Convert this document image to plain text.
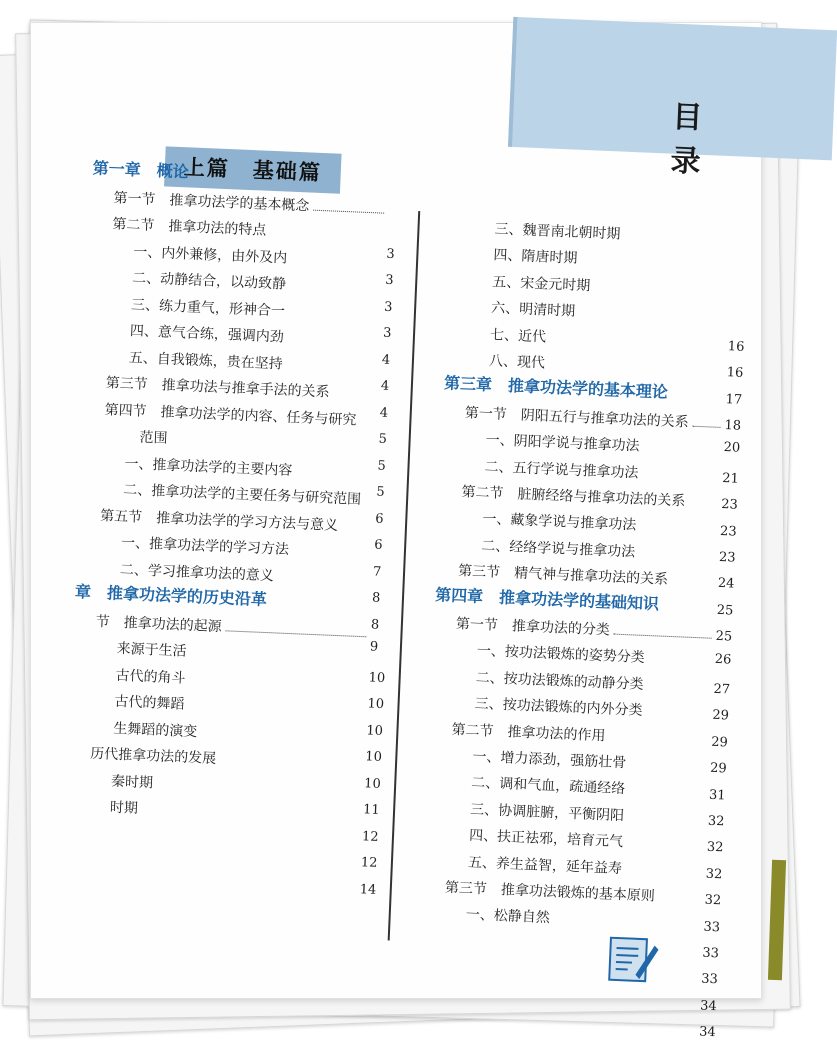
目 录
上篇　基础篇
第一章　概论
第一节　推拿功法学的基本概念
3
第二节　推拿功法的特点
3
一、内外兼修，由外及内
3
二、动静结合，以动致静
3
三、练力重气，形神合一
4
四、意气合练，强调内劲
4
五、自我锻炼，贵在坚持
4
第三节　推拿功法与推拿手法的关系
5
第四节　推拿功法学的内容、任务与研究
5
范围
5
一、推拿功法学的主要内容
6
二、推拿功法学的主要任务与研究范围
6
第五节　推拿功法学的学习方法与意义
7
一、推拿功法学的学习方法
8
二、学习推拿功法的意义
8
章　推拿功法学的历史沿革
9
节　推拿功法的起源
10
来源于生活
10
古代的角斗
10
古代的舞蹈
10
生舞蹈的演变
10
历代推拿功法的发展
11
秦时期
12
时期
12
14
三、魏晋南北朝时期
四、隋唐时期
五、宋金元时期
16
六、明清时期
16
七、近代
17
八、现代
18
第三章　推拿功法学的基本理论
20
第一节　阴阳五行与推拿功法的关系
21
一、阴阳学说与推拿功法
23
二、五行学说与推拿功法
23
第二节　脏腑经络与推拿功法的关系
23
一、藏象学说与推拿功法
24
二、经络学说与推拿功法
25
第三节　精气神与推拿功法的关系
25
第四章　推拿功法学的基础知识
26
第一节　推拿功法的分类
27
一、按功法锻炼的姿势分类
29
二、按功法锻炼的动静分类
29
三、按功法锻炼的内外分类
29
第二节　推拿功法的作用
31
一、增力添劲，强筋壮骨
32
二、调和气血，疏通经络
32
三、协调脏腑，平衡阴阳
32
四、扶正祛邪，培育元气
32
五、养生益智，延年益寿
33
第三节　推拿功法锻炼的基本原则
33
一、松静自然
33
34
34
